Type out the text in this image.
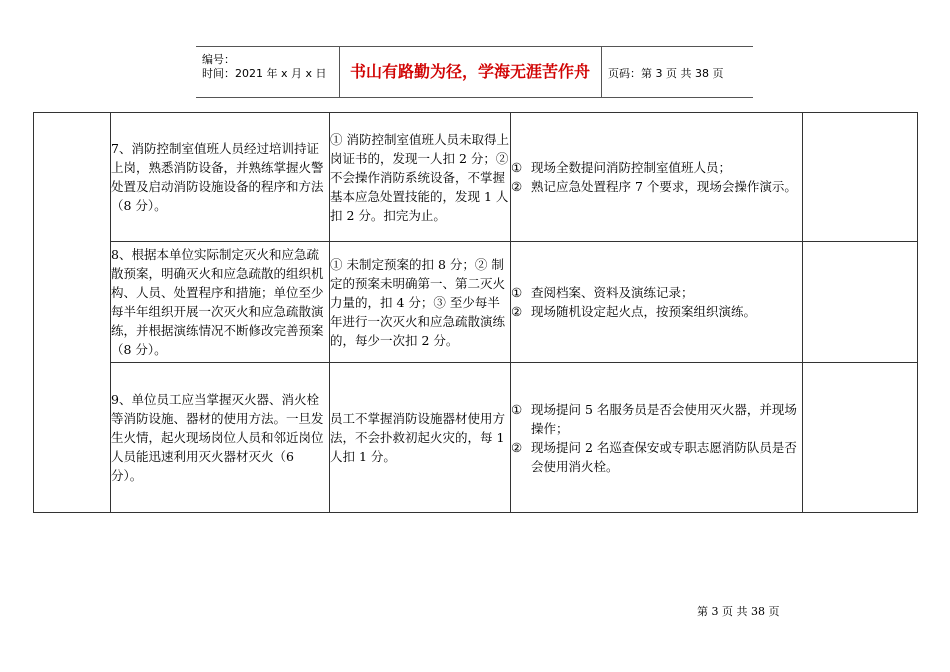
编号：
时间：2021 年 x 月 x 日	书山有路勤为径，学海无涯苦作舟	页码：第 3 页 共 38 页
	7、消防控制室值班人员经过培训持证上岗，熟悉消防设备，并熟练掌握火警处置及启动消防设施设备的程序和方法（8 分）。	① 消防控制室值班人员未取得上岗证书的，发现一人扣 2 分；② 不会操作消防系统设备，不掌握基本应急处置技能的，发现 1 人扣 2 分。扣完为止。	① 现场全数提问消防控制室值班人员；
② 熟记应急处置程序 7 个要求，现场会操作演示。	

	8、根据本单位实际制定灭火和应急疏散预案，明确灭火和应急疏散的组织机构、人员、处置程序和措施；单位至少每半年组织开展一次灭火和应急疏散演练，并根据演练情况不断修改完善预案（8 分）。	① 未制定预案的扣 8 分；② 制定的预案未明确第一、第二灭火力量的，扣 4 分；③ 至少每半年进行一次灭火和应急疏散演练的，每少一次扣 2 分。	① 查阅档案、资料及演练记录；
② 现场随机设定起火点，按预案组织演练。	

	9、单位员工应当掌握灭火器、消火栓等消防设施、器材的使用方法。一旦发生火情，起火现场岗位人员和邻近岗位人员能迅速利用灭火器材灭火（6 分）。	员工不掌握消防设施器材使用方法，不会扑救初起火灾的，每 1 人扣 1 分。	① 现场提问 5 名服务员是否会使用灭火器，并现场操作；
② 现场提问 2 名巡查保安或专职志愿消防队员是否会使用消火栓。	

第 3 页 共 38 页
